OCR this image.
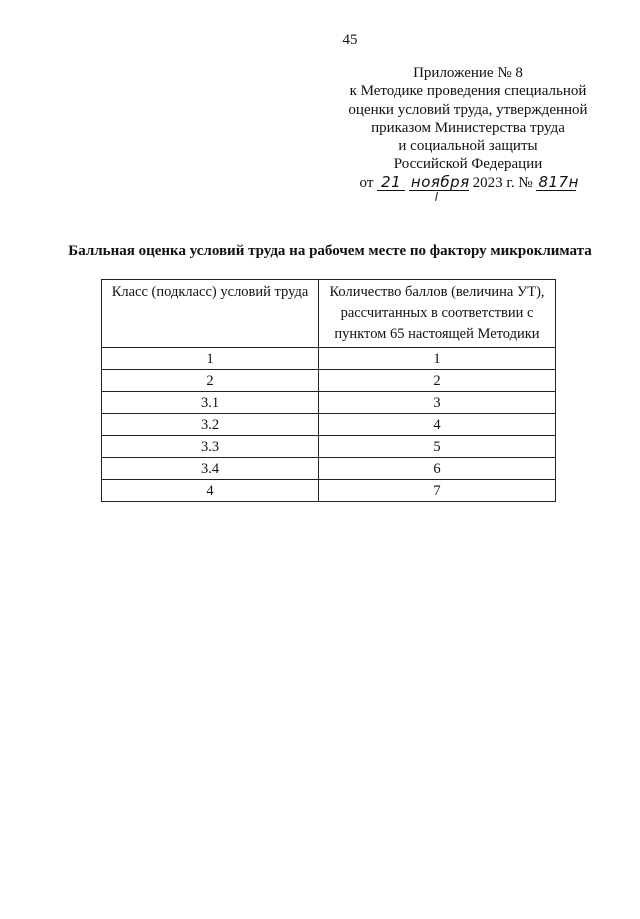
45
Приложение № 8
к Методике проведения специальной
оценки условий труда, утвержденной
приказом Министерства труда
и социальной защиты
Российской Федерации
от 21 ноября 2023 г. № 817н
Балльная оценка условий труда на рабочем месте по фактору микроклимата
Класс (подкласс) условий труда	Количество баллов (величина УТ), рассчитанных в соответствии с пунктом 65 настоящей Методики
1	1
2	2
3.1	3
3.2	4
3.3	5
3.4	6
4	7
